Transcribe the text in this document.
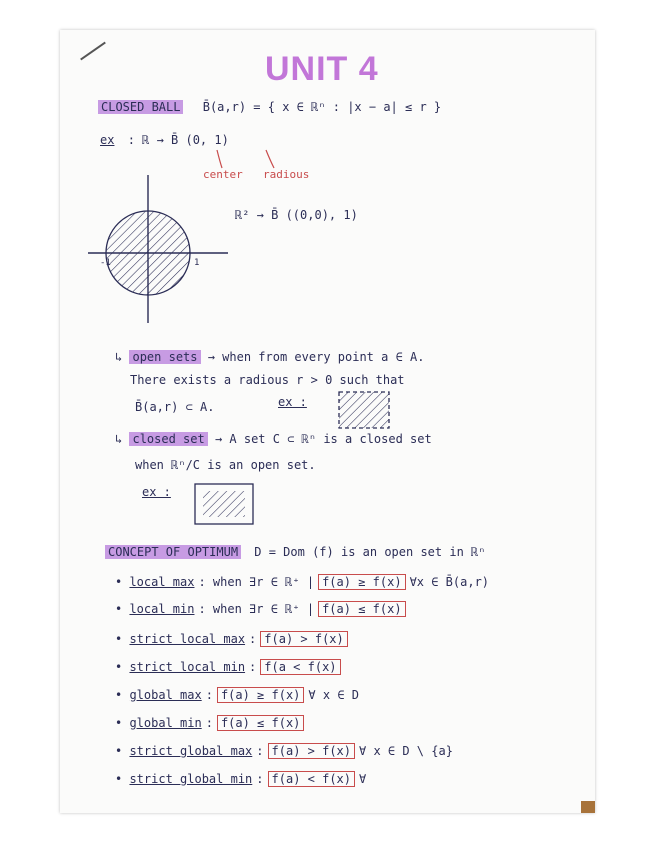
UNIT 4
CLOSED BALL B̄(a,r) = { x ∈ ℝⁿ : |x − a| ≤ r }
ex : ℝ → B̄ (0, 1)
center radious
ℝ² → B̄ ((0,0), 1)
-1	1
↳ open sets → when from every point a ∈ A.
There exists a radious r > 0 such that
B̄(a,r) ⊂ A.	ex :
↳ closed set → A set C ⊂ ℝⁿ is a closed set
when ℝⁿ/C is an open set.
ex :
CONCEPT OF OPTIMUM D = Dom (f) is an open set in ℝⁿ
• local max : when ∃r ∈ ℝ⁺ | f(a) ≥ f(x) ∀x ∈ B̄(a,r)
• local min : when ∃r ∈ ℝ⁺ | f(a) ≤ f(x)
• strict local max : f(a) > f(x)
• strict local min : f(a < f(x)
• global max : f(a) ≥ f(x) ∀ x ∈ D
• global min : f(a) ≤ f(x)
• strict global max : f(a) > f(x) ∀ x ∈ D \ {a}
• strict global min : f(a) < f(x) ∀
